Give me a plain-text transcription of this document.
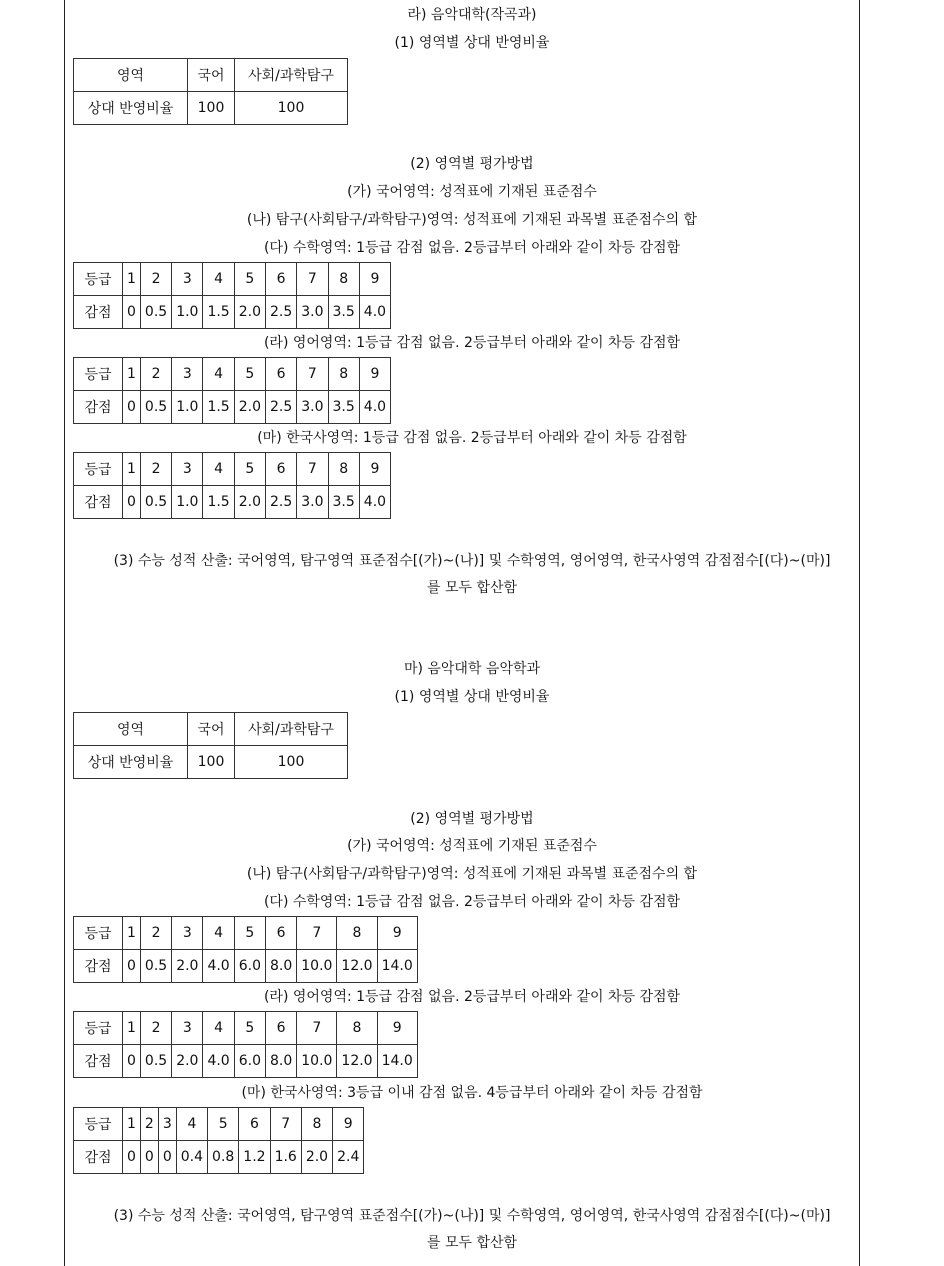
라) 음악대학(작곡과)
(1) 영역별 상대 반영비율
영역	국어	사회/과학탐구
상대 반영비율	100	100
(2) 영역별 평가방법
(가) 국어영역: 성적표에 기재된 표준점수
(나) 탐구(사회탐구/과학탐구)영역: 성적표에 기재된 과목별 표준점수의 합
(다) 수학영역: 1등급 감점 없음. 2등급부터 아래와 같이 차등 감점함
등급	1	2	3	4	5	6	7	8	9
감점	0	0.5	1.0	1.5	2.0	2.5	3.0	3.5	4.0
(라) 영어영역: 1등급 감점 없음. 2등급부터 아래와 같이 차등 감점함
등급	1	2	3	4	5	6	7	8	9
감점	0	0.5	1.0	1.5	2.0	2.5	3.0	3.5	4.0
(마) 한국사영역: 1등급 감점 없음. 2등급부터 아래와 같이 차등 감점함
등급	1	2	3	4	5	6	7	8	9
감점	0	0.5	1.0	1.5	2.0	2.5	3.0	3.5	4.0
(3) 수능 성적 산출: 국어영역, 탐구영역 표준점수[(가)~(나)] 및 수학영역, 영어영역, 한국사영역 감점점수[(다)~(마)]
를 모두 합산함
마) 음악대학 음악학과
(1) 영역별 상대 반영비율
영역	국어	사회/과학탐구
상대 반영비율	100	100
(2) 영역별 평가방법
(가) 국어영역: 성적표에 기재된 표준점수
(나) 탐구(사회탐구/과학탐구)영역: 성적표에 기재된 과목별 표준점수의 합
(다) 수학영역: 1등급 감점 없음. 2등급부터 아래와 같이 차등 감점함
등급	1	2	3	4	5	6	7	8	9
감점	0	0.5	2.0	4.0	6.0	8.0	10.0	12.0	14.0
(라) 영어영역: 1등급 감점 없음. 2등급부터 아래와 같이 차등 감점함
등급	1	2	3	4	5	6	7	8	9
감점	0	0.5	2.0	4.0	6.0	8.0	10.0	12.0	14.0
(마) 한국사영역: 3등급 이내 감점 없음. 4등급부터 아래와 같이 차등 감점함
등급	1	2	3	4	5	6	7	8	9
감점	0	0	0	0.4	0.8	1.2	1.6	2.0	2.4
(3) 수능 성적 산출: 국어영역, 탐구영역 표준점수[(가)~(나)] 및 수학영역, 영어영역, 한국사영역 감점점수[(다)~(마)]
를 모두 합산함
